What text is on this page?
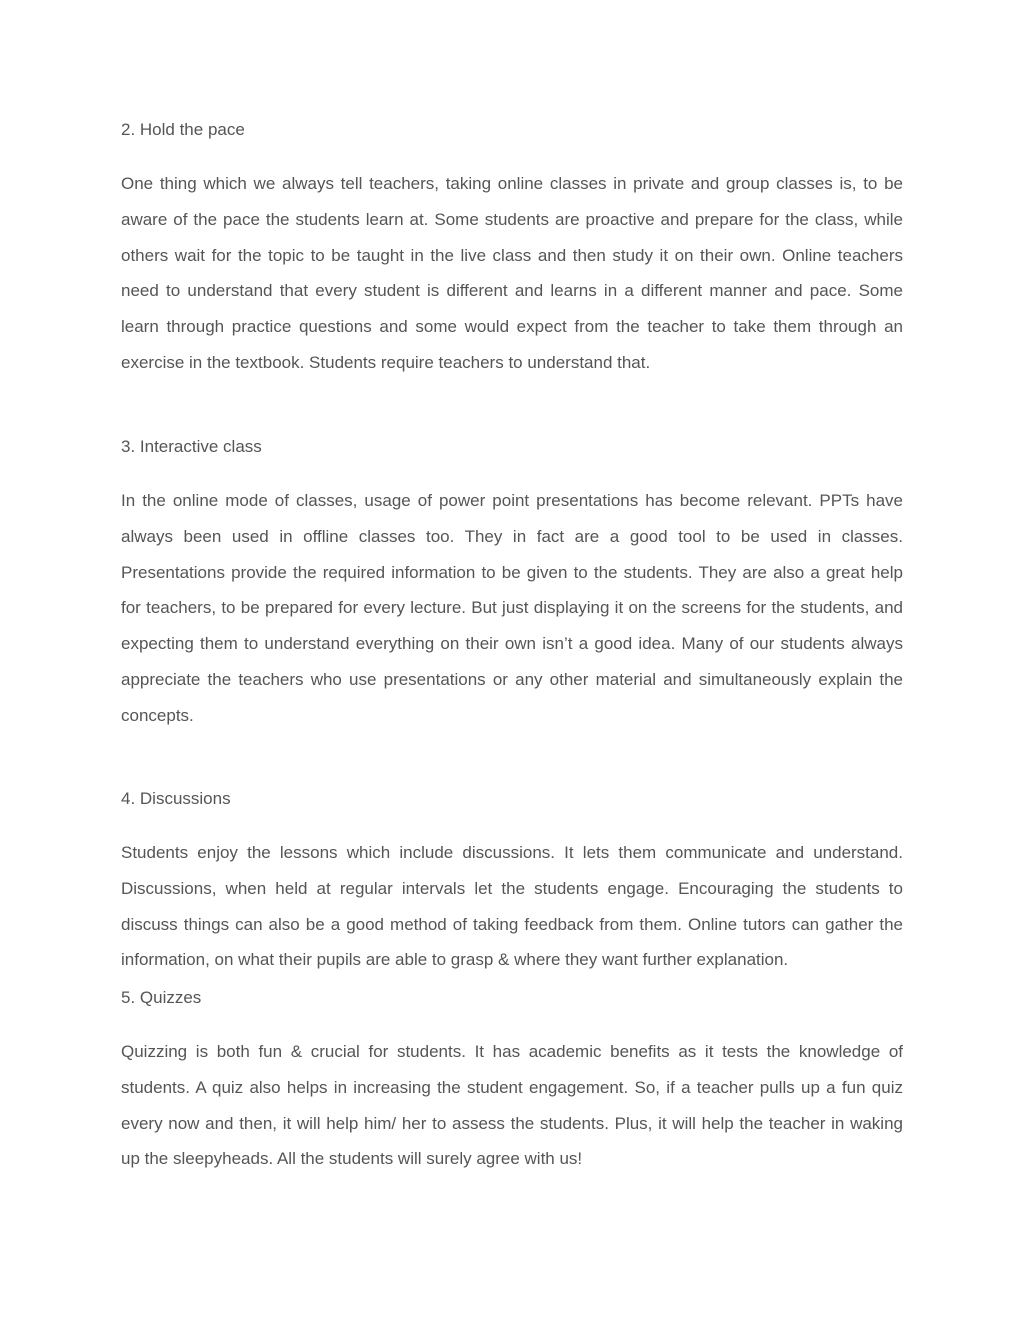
2. Hold the pace

One thing which we always tell teachers, taking online classes in private and group classes is, to be aware of the pace the students learn at. Some students are proactive and prepare for the class, while others wait for the topic to be taught in the live class and then study it on their own. Online teachers need to understand that every student is different and learns in a different manner and pace. Some learn through practice questions and some would expect from the teacher to take them through an exercise in the textbook. Students require teachers to understand that.

3. Interactive class

In the online mode of classes, usage of power point presentations has become relevant. PPTs have always been used in offline classes too. They in fact are a good tool to be used in classes. Presentations provide the required information to be given to the students. They are also a great help for teachers, to be prepared for every lecture. But just displaying it on the screens for the students, and expecting them to understand everything on their own isn’t a good idea. Many of our students always appreciate the teachers who use presentations or any other material and simultaneously explain the concepts.

4. Discussions

Students enjoy the lessons which include discussions. It lets them communicate and understand. Discussions, when held at regular intervals let the students engage. Encouraging the students to discuss things can also be a good method of taking feedback from them. Online tutors can gather the information, on what their pupils are able to grasp & where they want further explanation.

5. Quizzes

Quizzing is both fun & crucial for students. It has academic benefits as it tests the knowledge of students. A quiz also helps in increasing the student engagement. So, if a teacher pulls up a fun quiz every now and then, it will help him/ her to assess the students. Plus, it will help the teacher in waking up the sleepyheads. All the students will surely agree with us!
